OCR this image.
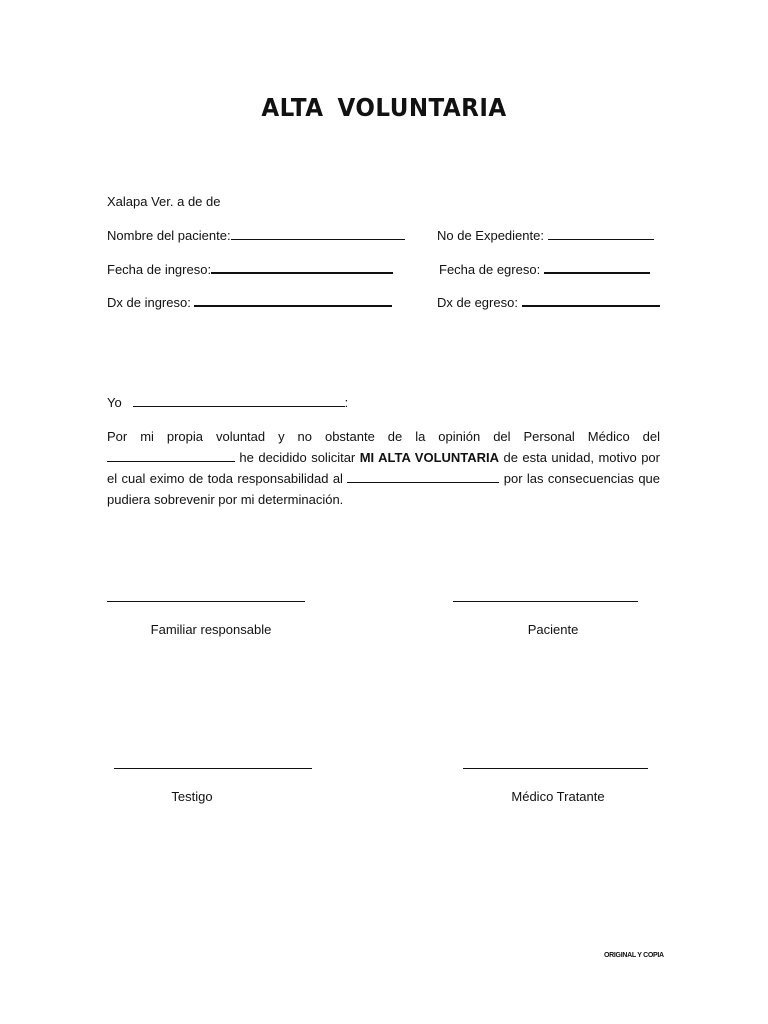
ALTA VOLUNTARIA
Xalapa Ver. a de de
Nombre del paciente:	No de Expediente:
Fecha de ingreso:	Fecha de egreso:
Dx de ingreso:	Dx de egreso:
Yo	:
Por mi propia voluntad y no obstante de la opinión del Personal Médico del  he decidido solicitar MI ALTA VOLUNTARIA de esta unidad, motivo por el cual eximo de toda responsabilidad al	por las consecuencias que pudiera sobrevenir por mi determinación.
Familiar responsable	Paciente
Testigo	Médico Tratante
ORIGINAL Y COPIA
